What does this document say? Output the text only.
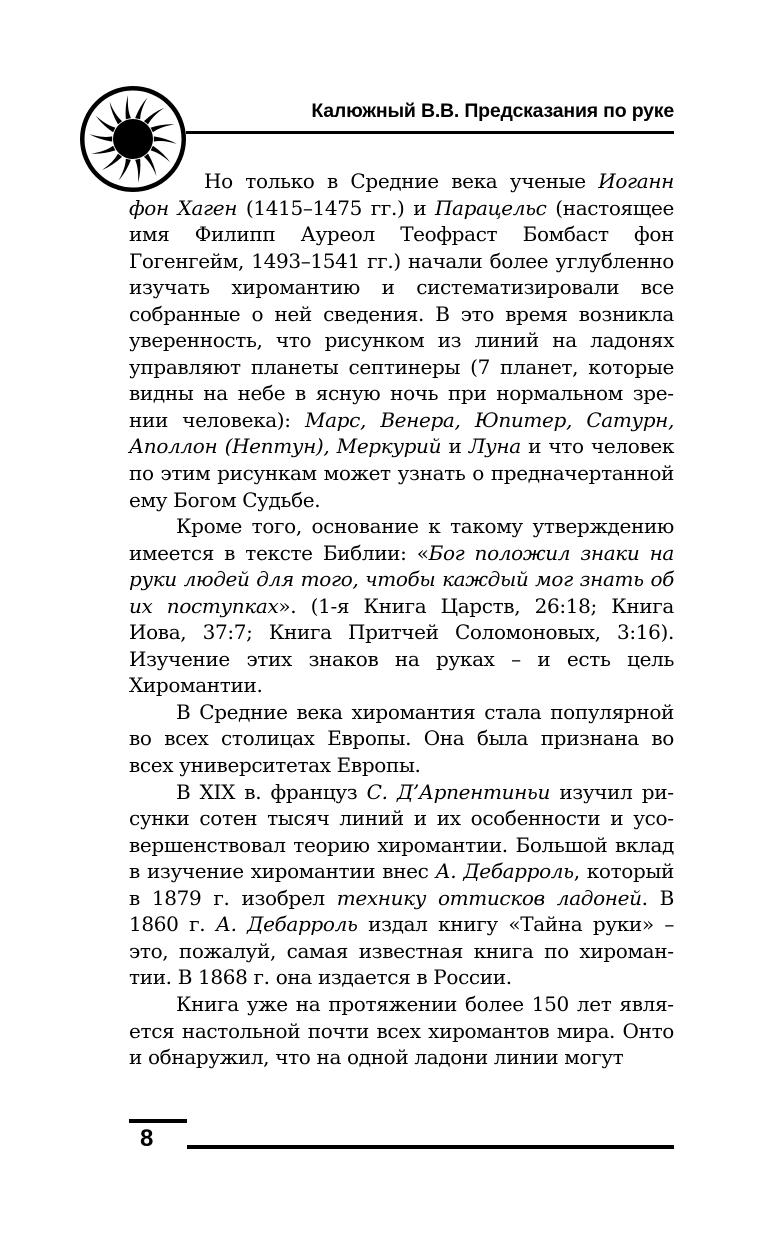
Калюжный В.В. Предсказания по руке

Но только в Средние века ученые Иоганн фон Хаген (1415–1475 гг.) и Парацельс (настоящее имя Филипп Ауреол Теофраст Бомбаст фон Гогенгейм, 1493–1541 гг.) начали более углубленно изучать хиромантию и систематизировали все собранные о ней сведения. В это время возникла уверенность, что рисунком из линий на ладонях управляют планеты септинеры (7 планет, которые видны на небе в ясную ночь при нормальном зрении человека): Марс, Венера, Юпитер, Сатурн, Аполлон (Нептун), Меркурий и Луна и что человек по этим рисункам может узнать о предначертанной ему Богом Судьбе.

Кроме того, основание к такому утверждению имеется в тексте Библии: «Бог положил знаки на руки людей для того, чтобы каждый мог знать об их поступках». (1-я Книга Царств, 26:18; Книга Иова, 37:7; Книга Притчей Соломоновых, 3:16). Изучение этих знаков на руках – и есть цель Хиромантии.

В Средние века хиромантия стала популярной во всех столицах Европы. Она была признана во всех университетах Европы.

В XIX в. француз С. Д’Арпентиньи изучил рисунки сотен тысяч линий и их особенности и усовершенствовал теорию хиромантии. Большой вклад в изучение хиромантии внес А. Дебарроль, который в 1879 г. изобрел технику оттисков ладоней. В 1860 г. А. Дебарроль издал книгу «Тайна руки» – это, пожалуй, самая известная книга по хиромантии. В 1868 г. она издается в России.

Книга уже на протяжении более 150 лет является настольной почти всех хиромантов мира. Онто и обнаружил, что на одной ладони линии могут

8
